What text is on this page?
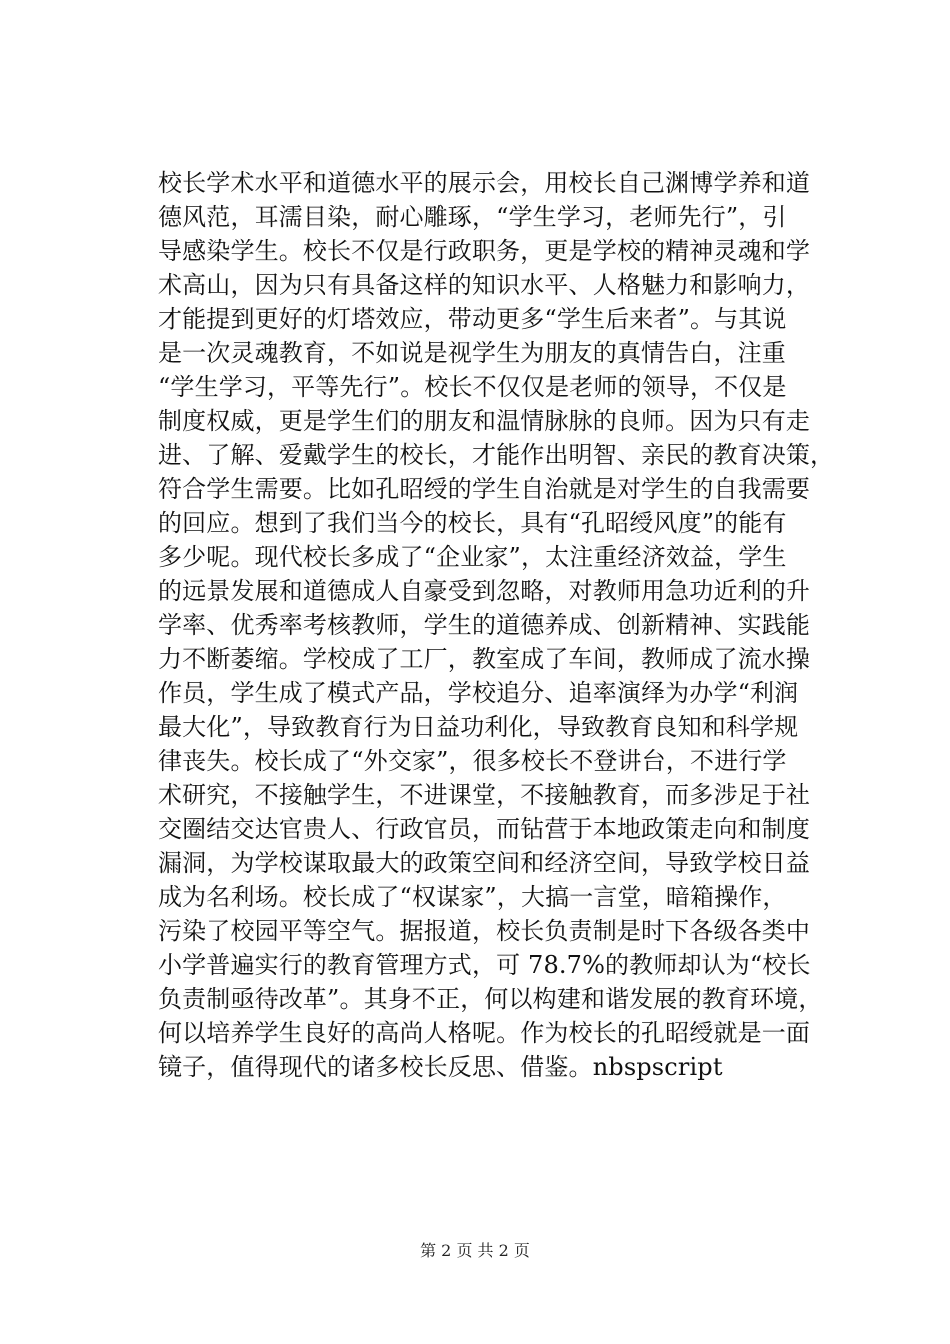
校长学术水平和道德水平的展示会，用校长自己渊博学养和道
德风范，耳濡目染，耐心雕琢，“学生学习，老师先行”，引
导感染学生。校长不仅是行政职务，更是学校的精神灵魂和学
术高山，因为只有具备这样的知识水平、人格魅力和影响力，
才能提到更好的灯塔效应，带动更多“学生后来者”。与其说
是一次灵魂教育，不如说是视学生为朋友的真情告白，注重
“学生学习，平等先行”。校长不仅仅是老师的领导，不仅是
制度权威，更是学生们的朋友和温情脉脉的良师。因为只有走
进、了解、爱戴学生的校长，才能作出明智、亲民的教育决策，
符合学生需要。比如孔昭绶的学生自治就是对学生的自我需要
的回应。想到了我们当今的校长，具有“孔昭绶风度”的能有
多少呢。现代校长多成了“企业家”，太注重经济效益，学生
的远景发展和道德成人自豪受到忽略，对教师用急功近利的升
学率、优秀率考核教师，学生的道德养成、创新精神、实践能
力不断萎缩。学校成了工厂，教室成了车间，教师成了流水操
作员，学生成了模式产品，学校追分、追率演绎为办学“利润
最大化”，导致教育行为日益功利化，导致教育良知和科学规
律丧失。校长成了“外交家”，很多校长不登讲台，不进行学
术研究，不接触学生，不进课堂，不接触教育，而多涉足于社
交圈结交达官贵人、行政官员，而钻营于本地政策走向和制度
漏洞，为学校谋取最大的政策空间和经济空间，导致学校日益
成为名利场。校长成了“权谋家”，大搞一言堂，暗箱操作，
污染了校园平等空气。据报道，校长负责制是时下各级各类中
小学普遍实行的教育管理方式，可 78.7%的教师却认为“校长
负责制亟待改革”。其身不正，何以构建和谐发展的教育环境，
何以培养学生良好的高尚人格呢。作为校长的孔昭绶就是一面
镜子，值得现代的诸多校长反思、借鉴。nbspscript
第 2 页 共 2 页
